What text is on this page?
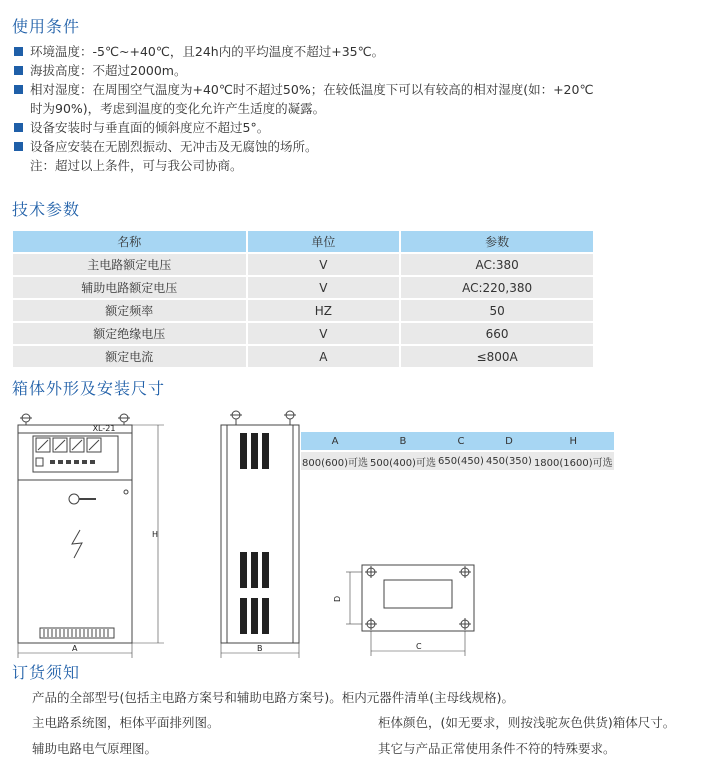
使用条件
环境温度：-5℃~+40℃，且24h内的平均温度不超过+35℃。
海拔高度：不超过2000m。
相对湿度：在周围空气温度为+40℃时不超过50%；在较低温度下可以有较高的相对湿度(如：+20℃
时为90%)，考虑到温度的变化允许产生适度的凝露。
设备安装时与垂直面的倾斜度应不超过5°。
设备应安装在无剧烈振动、无冲击及无腐蚀的场所。
注：超过以上条件，可与我公司协商。
技术参数
名称	单位	参数
主电路额定电压	V	AC:380
辅助电路额定电压	V	AC:220,380
额定频率	HZ	50
额定绝缘电压	V	660
额定电流	A	≤800A
箱体外形及安装尺寸
XL-21
H
A	B
D
C
A	B	C	D	H
800(600)可选	500(400)可选	650(450)	450(350)	1800(1600)可选
订货须知
产品的全部型号(包括主电路方案号和辅助电路方案号)。柜内元器件清单(主母线规格)。
主电路系统图，柜体平面排列图。	柜体颜色，(如无要求，则按浅驼灰色供货)箱体尺寸。
辅助电路电气原理图。	其它与产品正常使用条件不符的特殊要求。
